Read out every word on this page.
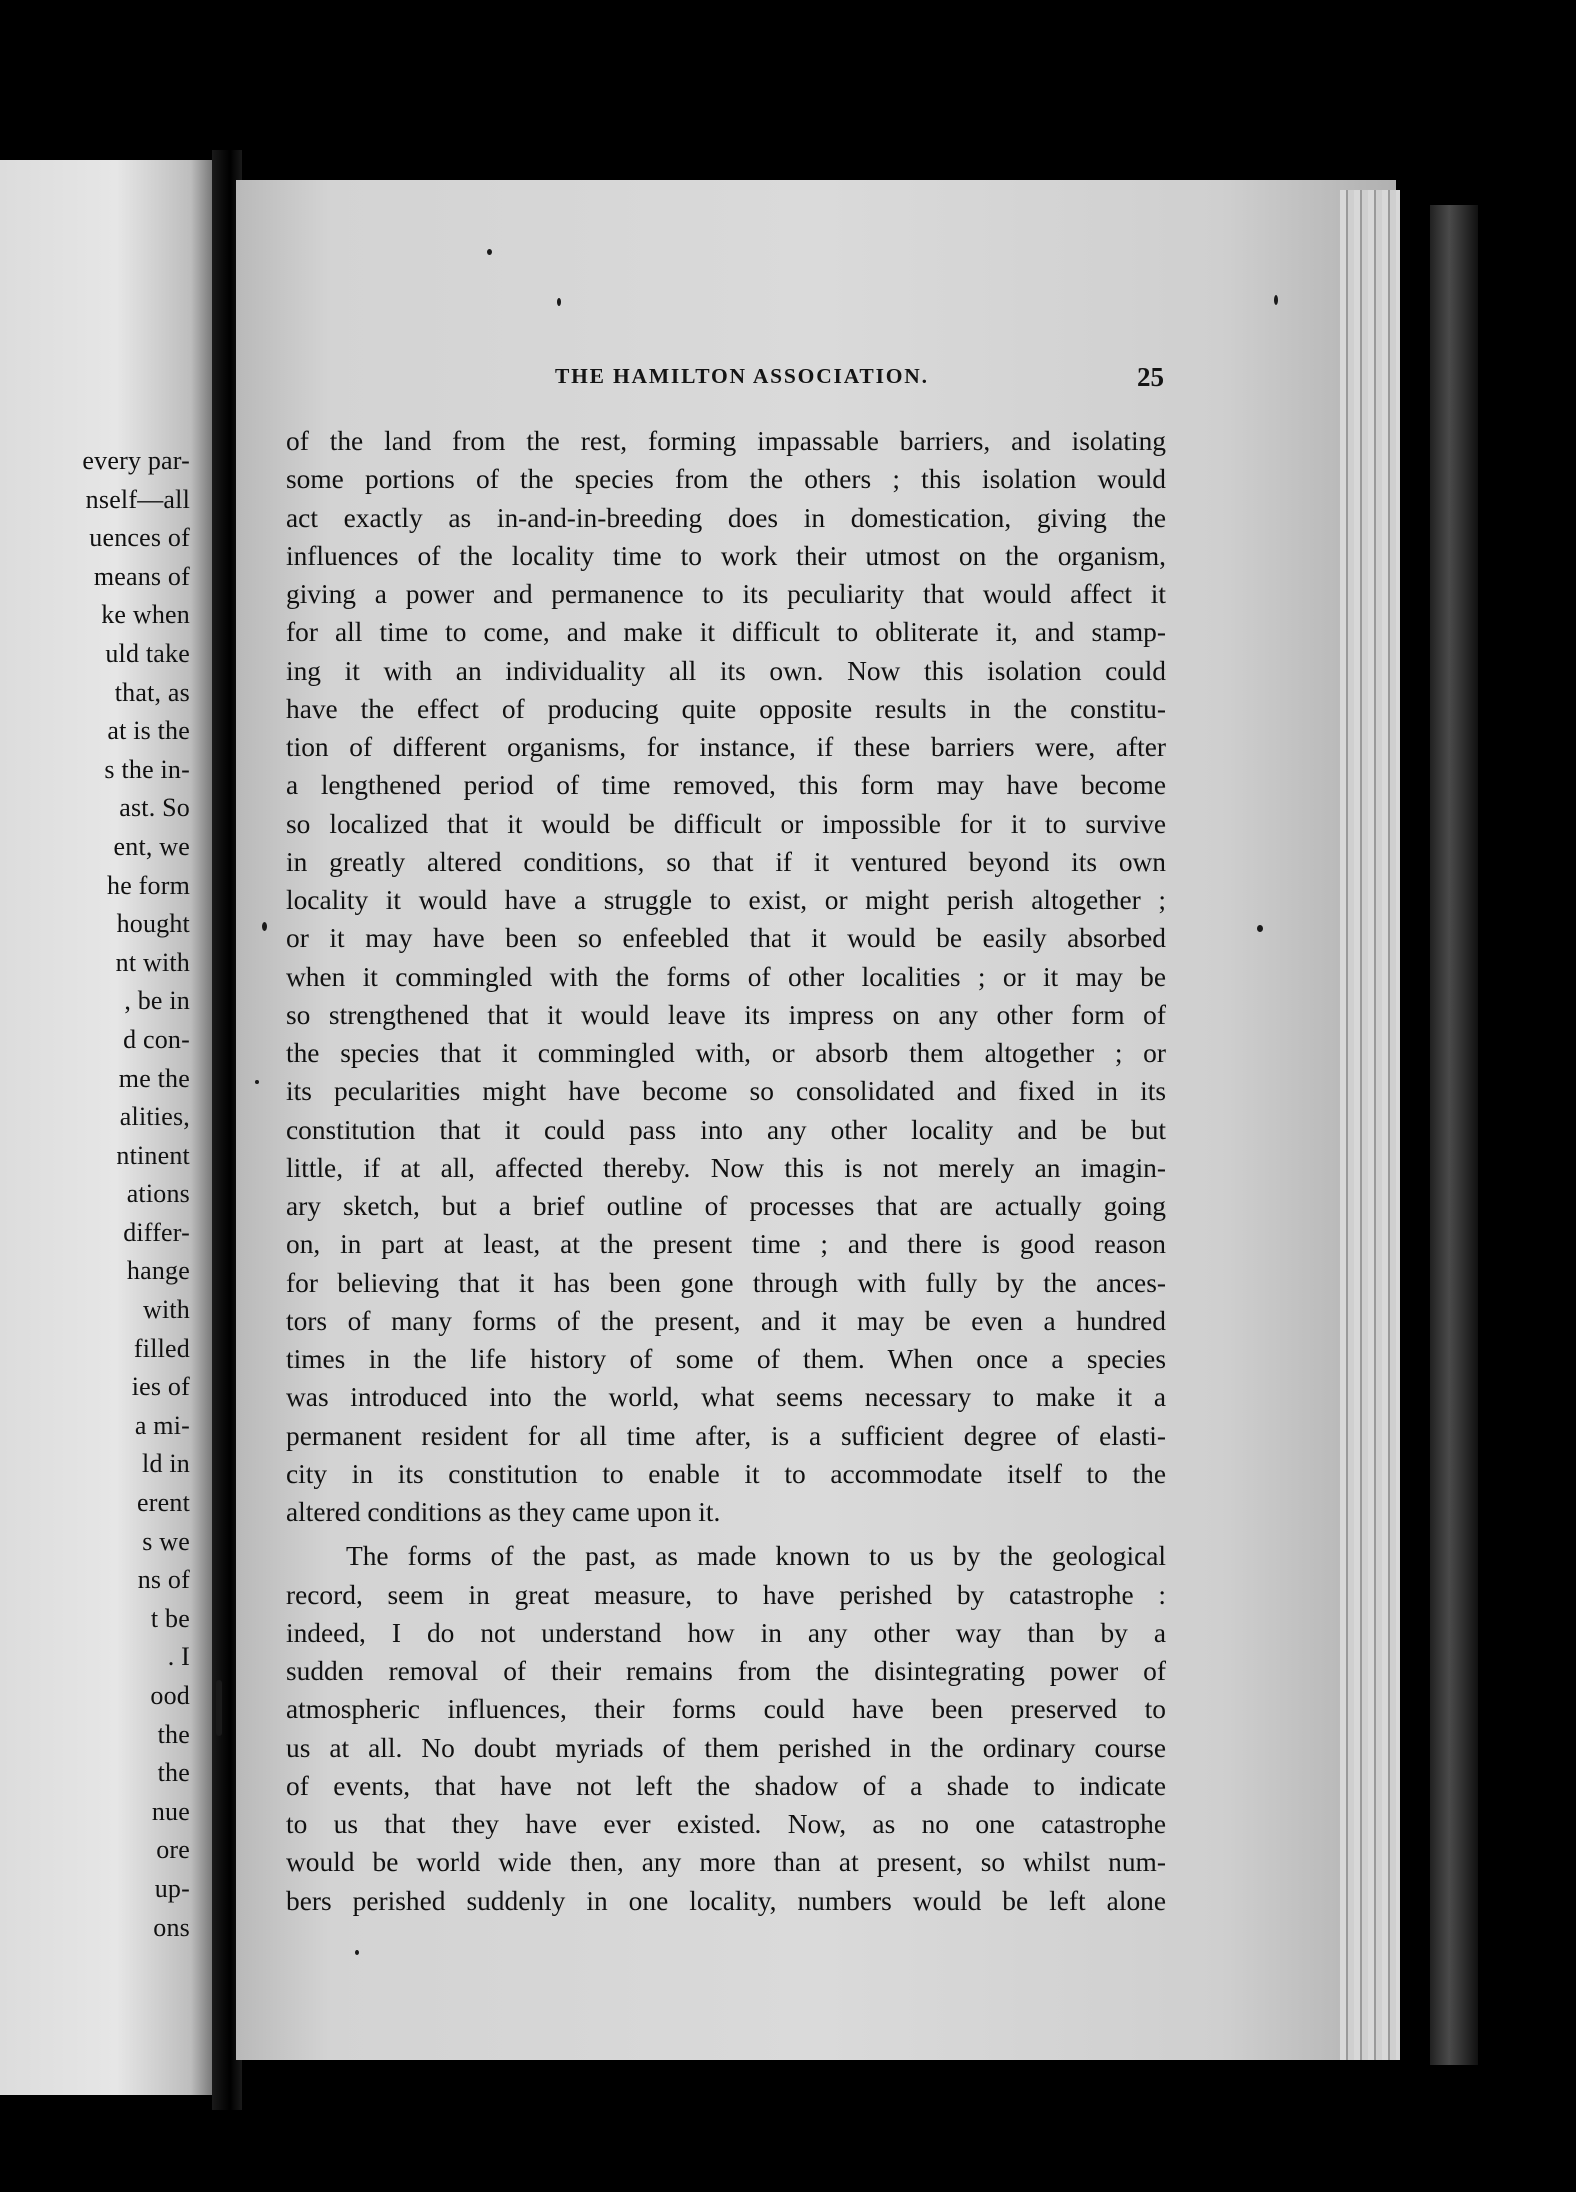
every par-
nself—all
uences of
means of
ke when
uld take
that, as
at is the
s the in-
ast. So
ent, we
he form
hought
nt with
, be in
d con-
me the
alities,
ntinent
ations
differ-
hange
with
filled
ies of
a mi-
ld in
erent
s we
ns of
t be
. I
ood
the
the
nue
ore
up-
ons
THE HAMILTON ASSOCIATION.	25
of the land from the rest, forming impassable barriers, and isolating
some portions of the species from the others ; this isolation would
act exactly as in-and-in-breeding does in domestication, giving the
influences of the locality time to work their utmost on the organism,
giving a power and permanence to its peculiarity that would affect it
for all time to come, and make it difficult to obliterate it, and stamp-
ing it with an individuality all its own. Now this isolation could
have the effect of producing quite opposite results in the constitu-
tion of different organisms, for instance, if these barriers were, after
a lengthened period of time removed, this form may have become
so localized that it would be difficult or impossible for it to survive
in greatly altered conditions, so that if it ventured beyond its own
locality it would have a struggle to exist, or might perish altogether ;
or it may have been so enfeebled that it would be easily absorbed
when it commingled with the forms of other localities ; or it may be
so strengthened that it would leave its impress on any other form of
the species that it commingled with, or absorb them altogether ; or
its pecularities might have become so consolidated and fixed in its
constitution that it could pass into any other locality and be but
little, if at all, affected thereby. Now this is not merely an imagin-
ary sketch, but a brief outline of processes that are actually going
on, in part at least, at the present time ; and there is good reason
for believing that it has been gone through with fully by the ances-
tors of many forms of the present, and it may be even a hundred
times in the life history of some of them. When once a species
was introduced into the world, what seems necessary to make it a
permanent resident for all time after, is a sufficient degree of elasti-
city in its constitution to enable it to accommodate itself to the
altered conditions as they came upon it.
The forms of the past, as made known to us by the geological
record, seem in great measure, to have perished by catastrophe :
indeed, I do not understand how in any other way than by a
sudden removal of their remains from the disintegrating power of
atmospheric influences, their forms could have been preserved to
us at all. No doubt myriads of them perished in the ordinary course
of events, that have not left the shadow of a shade to indicate
to us that they have ever existed. Now, as no one catastrophe
would be world wide then, any more than at present, so whilst num-
bers perished suddenly in one locality, numbers would be left alone
